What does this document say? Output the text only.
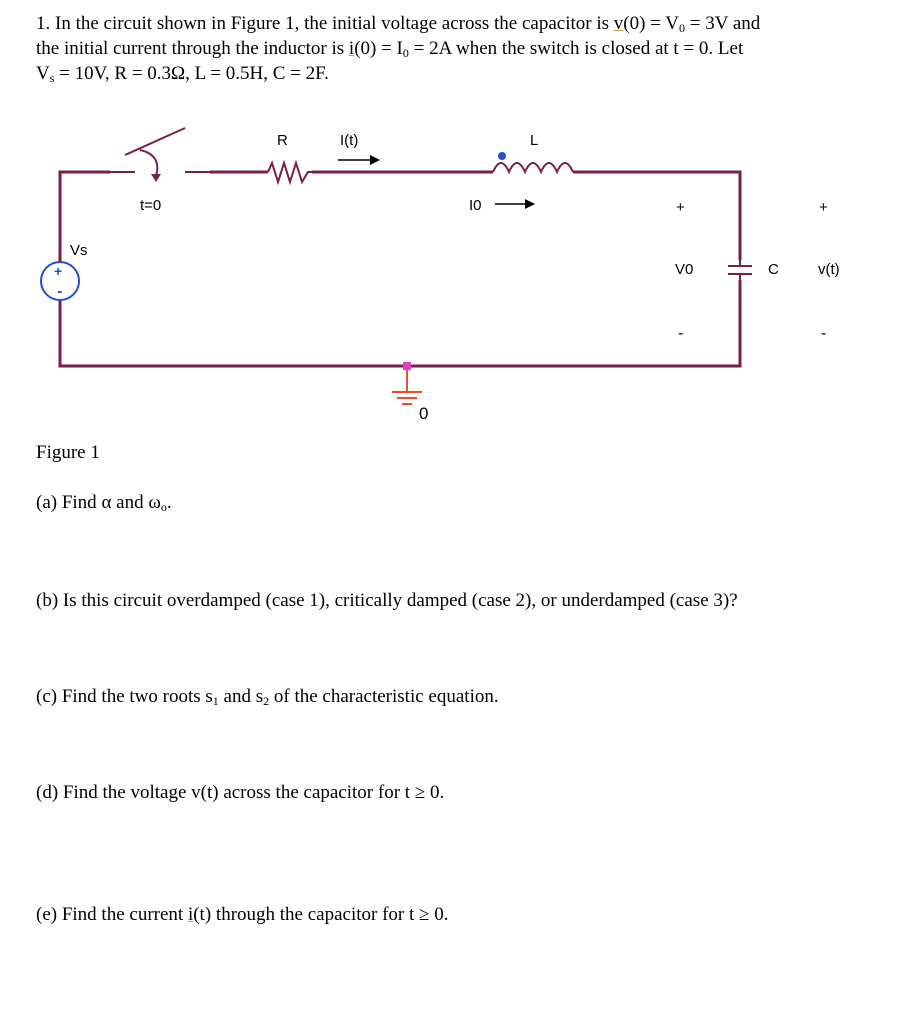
1. In the circuit shown in Figure 1, the initial voltage across the capacitor is $v(0) = V_0 = 3V$ and

the initial current through the inductor is $i(0) = I_0 = 2A$ when the switch is closed at t = 0. Let

$V_s = 10V$, R = 0.3Ω, L = 0.5H, C = 2F.

t=0
R	I(t)	L
I0
+
-
Vs
+
V0
-
C
+
v(t)
-
0

Figure 1

(a) Find α and $\omega_o$.

(b) Is this circuit overdamped (case 1), critically damped (case 2), or underdamped (case 3)?

(c) Find the two roots $s_1$ and $s_2$ of the characteristic equation.

(d) Find the voltage v(t) across the capacitor for t ≥ 0.

(e) Find the current i(t) through the capacitor for t ≥ 0.
